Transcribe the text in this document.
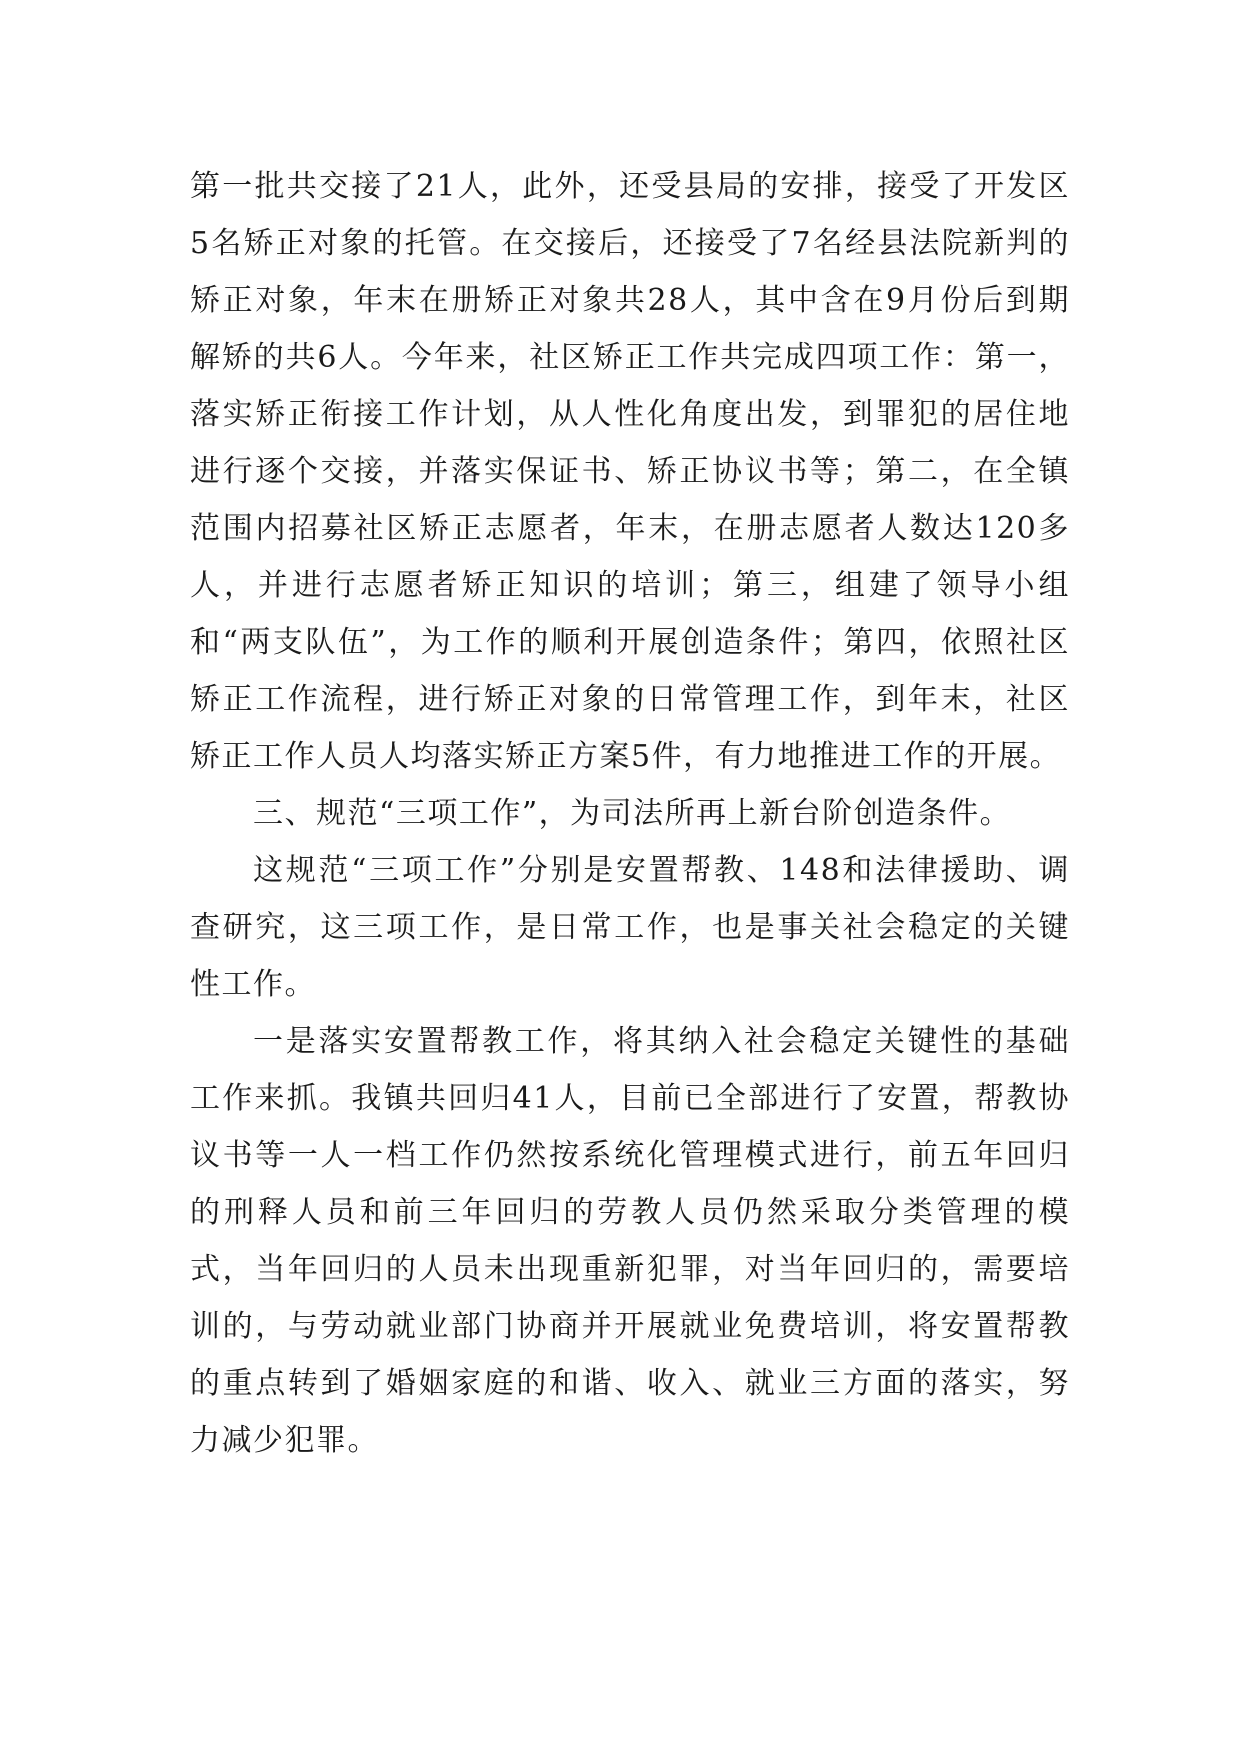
第一批共交接了21人，此外，还受县局的安排，接受了开发区5名矫正对象的托管。在交接后，还接受了7名经县法院新判的矫正对象，年末在册矫正对象共28人，其中含在9月份后到期解矫的共6人。今年来，社区矫正工作共完成四项工作：第一，落实矫正衔接工作计划，从人性化角度出发，到罪犯的居住地进行逐个交接，并落实保证书、矫正协议书等；第二，在全镇范围内招募社区矫正志愿者，年末，在册志愿者人数达120多人，并进行志愿者矫正知识的培训；第三，组建了领导小组和“两支队伍”，为工作的顺利开展创造条件；第四，依照社区矫正工作流程，进行矫正对象的日常管理工作，到年末，社区矫正工作人员人均落实矫正方案5件，有力地推进工作的开展。

三、规范“三项工作”，为司法所再上新台阶创造条件。

这规范“三项工作”分别是安置帮教、148和法律援助、调查研究，这三项工作，是日常工作，也是事关社会稳定的关键性工作。

一是落实安置帮教工作，将其纳入社会稳定关键性的基础工作来抓。我镇共回归41人，目前已全部进行了安置，帮教协议书等一人一档工作仍然按系统化管理模式进行，前五年回归的刑释人员和前三年回归的劳教人员仍然采取分类管理的模式，当年回归的人员未出现重新犯罪，对当年回归的，需要培训的，与劳动就业部门协商并开展就业免费培训，将安置帮教的重点转到了婚姻家庭的和谐、收入、就业三方面的落实，努力减少犯罪。
